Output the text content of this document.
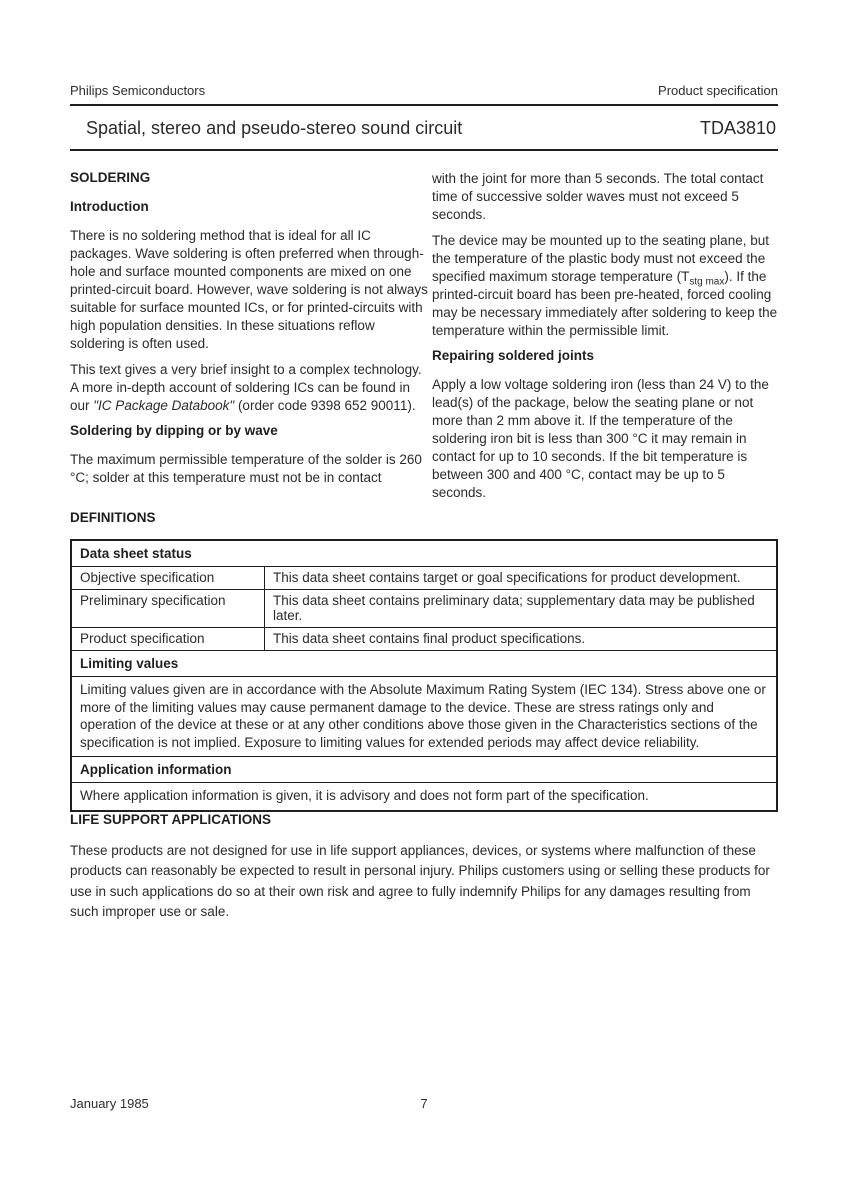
Philips Semiconductors	Product specification
Spatial, stereo and pseudo-stereo sound circuit	TDA3810
SOLDERING
Introduction

There is no soldering method that is ideal for all IC packages. Wave soldering is often preferred when through-hole and surface mounted components are mixed on one printed-circuit board. However, wave soldering is not always suitable for surface mounted ICs, or for printed-circuits with high population densities. In these situations reflow soldering is often used.

This text gives a very brief insight to a complex technology. A more in-depth account of soldering ICs can be found in our "IC Package Databook" (order code 9398 652 90011).

Soldering by dipping or by wave

The maximum permissible temperature of the solder is 260 °C; solder at this temperature must not be in contact

with the joint for more than 5 seconds. The total contact time of successive solder waves must not exceed 5 seconds.

The device may be mounted up to the seating plane, but the temperature of the plastic body must not exceed the specified maximum storage temperature $(T_{stg max})$. If the printed-circuit board has been pre-heated, forced cooling may be necessary immediately after soldering to keep the temperature within the permissible limit.

Repairing soldered joints

Apply a low voltage soldering iron (less than 24 V) to the lead(s) of the package, below the seating plane or not more than 2 mm above it. If the temperature of the soldering iron bit is less than 300 °C it may remain in contact for up to 10 seconds. If the bit temperature is between 300 and 400 °C, contact may be up to 5 seconds.

DEFINITIONS
Data sheet status	
Objective specification	This data sheet contains target or goal specifications for product development.
Preliminary specification	This data sheet contains preliminary data; supplementary data may be published later.
Product specification	This data sheet contains final product specifications.
Limiting values	
Limiting values given are in accordance with the Absolute Maximum Rating System (IEC 134). Stress above one or more of the limiting values may cause permanent damage to the device. These are stress ratings only and operation of the device at these or at any other conditions above those given in the Characteristics sections of the specification is not implied. Exposure to limiting values for extended periods may affect device reliability.	
Application information	
Where application information is given, it is advisory and does not form part of the specification.	
LIFE SUPPORT APPLICATIONS

These products are not designed for use in life support appliances, devices, or systems where malfunction of these products can reasonably be expected to result in personal injury. Philips customers using or selling these products for use in such applications do so at their own risk and agree to fully indemnify Philips for any damages resulting from such improper use or sale.

January 1985	7
